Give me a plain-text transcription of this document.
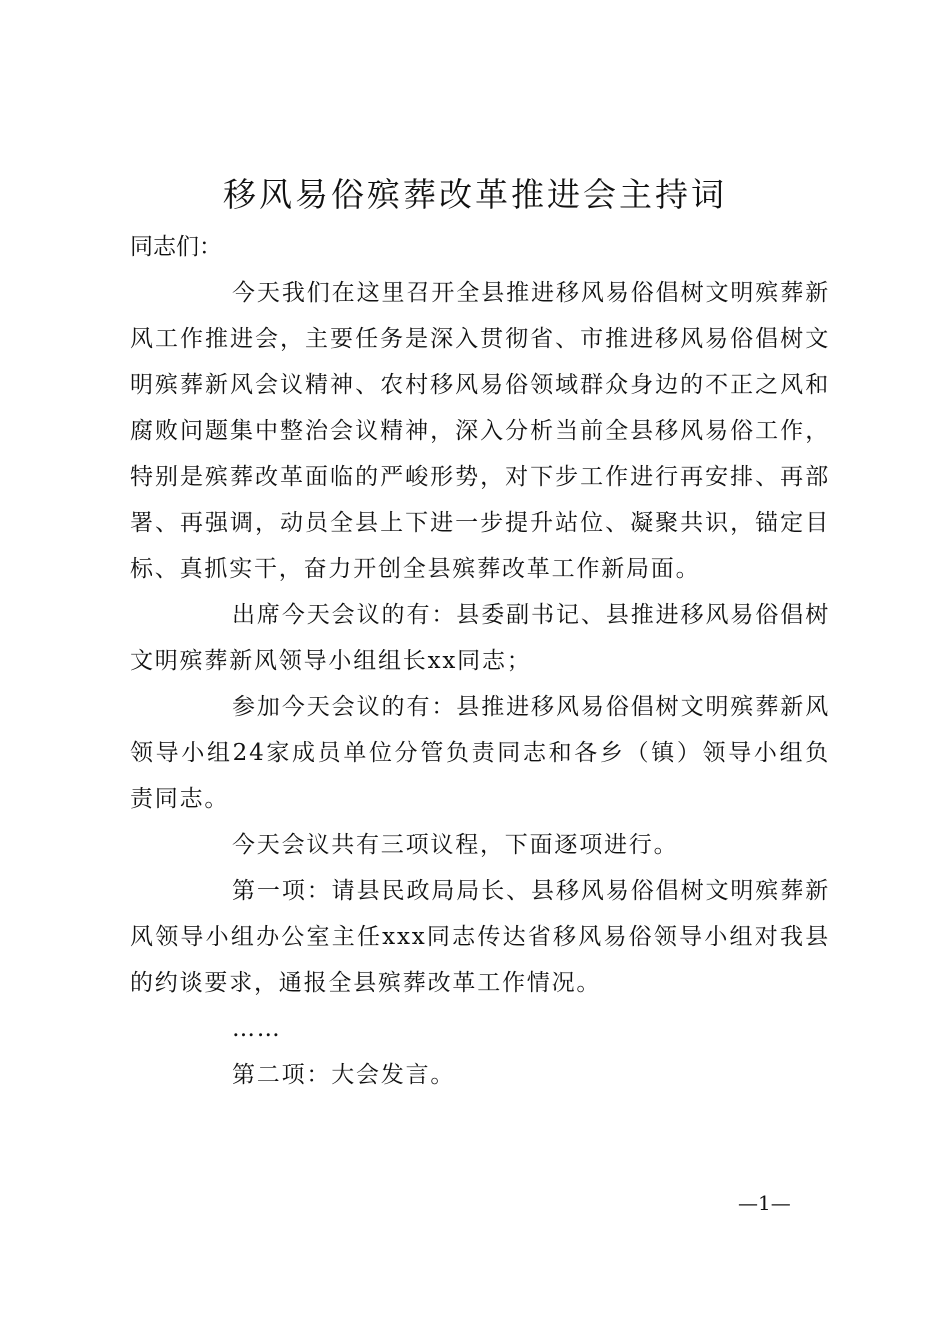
移风易俗殡葬改革推进会主持词
同志们：

今天我们在这里召开全县推进移风易俗倡树文明殡葬新风工作推进会，主要任务是深入贯彻省、市推进移风易俗倡树文明殡葬新风会议精神、农村移风易俗领域群众身边的不正之风和腐败问题集中整治会议精神，深入分析当前全县移风易俗工作，特别是殡葬改革面临的严峻形势，对下步工作进行再安排、再部署、再强调，动员全县上下进一步提升站位、凝聚共识，锚定目标、真抓实干，奋力开创全县殡葬改革工作新局面。

出席今天会议的有：县委副书记、县推进移风易俗倡树文明殡葬新风领导小组组长xx同志；

参加今天会议的有：县推进移风易俗倡树文明殡葬新风领导小组24家成员单位分管负责同志和各乡（镇）领导小组负责同志。

今天会议共有三项议程，下面逐项进行。

第一项：请县民政局局长、县移风易俗倡树文明殡葬新风领导小组办公室主任xxx同志传达省移风易俗领导小组对我县的约谈要求，通报全县殡葬改革工作情况。

……

第二项：大会发言。

—1—
